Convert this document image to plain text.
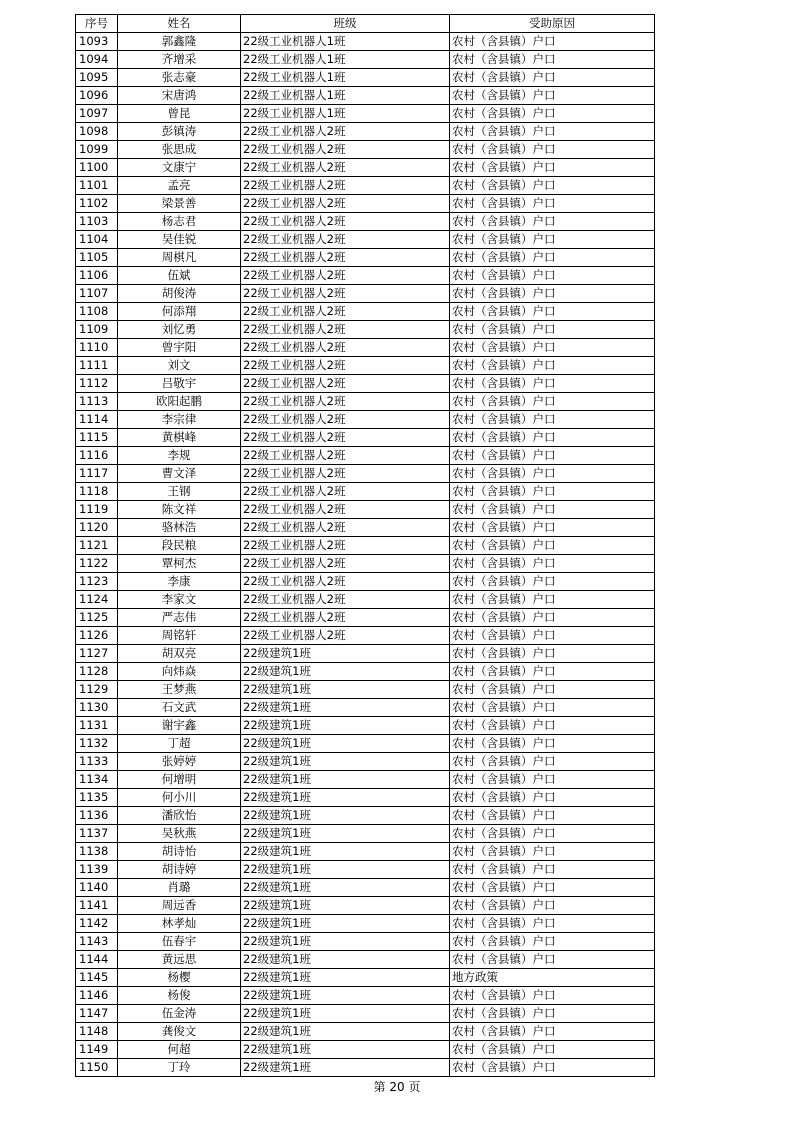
序号	姓名	班级	受助原因
1093	郭鑫隆	22级工业机器人1班	农村（含县镇）户口
1094	齐增采	22级工业机器人1班	农村（含县镇）户口
1095	张志豪	22级工业机器人1班	农村（含县镇）户口
1096	宋唐鸿	22级工业机器人1班	农村（含县镇）户口
1097	曾昆	22级工业机器人1班	农村（含县镇）户口
1098	彭镇涛	22级工业机器人2班	农村（含县镇）户口
1099	张思成	22级工业机器人2班	农村（含县镇）户口
1100	文康宁	22级工业机器人2班	农村（含县镇）户口
1101	孟亮	22级工业机器人2班	农村（含县镇）户口
1102	梁景善	22级工业机器人2班	农村（含县镇）户口
1103	杨志君	22级工业机器人2班	农村（含县镇）户口
1104	吴佳锐	22级工业机器人2班	农村（含县镇）户口
1105	周棋凡	22级工业机器人2班	农村（含县镇）户口
1106	伍斌	22级工业机器人2班	农村（含县镇）户口
1107	胡俊涛	22级工业机器人2班	农村（含县镇）户口
1108	何添翔	22级工业机器人2班	农村（含县镇）户口
1109	刘忆勇	22级工业机器人2班	农村（含县镇）户口
1110	曾宇阳	22级工业机器人2班	农村（含县镇）户口
1111	刘文	22级工业机器人2班	农村（含县镇）户口
1112	吕敬宇	22级工业机器人2班	农村（含县镇）户口
1113	欧阳起鹏	22级工业机器人2班	农村（含县镇）户口
1114	李宗律	22级工业机器人2班	农村（含县镇）户口
1115	黄棋峰	22级工业机器人2班	农村（含县镇）户口
1116	李规	22级工业机器人2班	农村（含县镇）户口
1117	曹文泽	22级工业机器人2班	农村（含县镇）户口
1118	王钢	22级工业机器人2班	农村（含县镇）户口
1119	陈文祥	22级工业机器人2班	农村（含县镇）户口
1120	骆林浩	22级工业机器人2班	农村（含县镇）户口
1121	段民粮	22级工业机器人2班	农村（含县镇）户口
1122	覃柯杰	22级工业机器人2班	农村（含县镇）户口
1123	李康	22级工业机器人2班	农村（含县镇）户口
1124	李家文	22级工业机器人2班	农村（含县镇）户口
1125	严志伟	22级工业机器人2班	农村（含县镇）户口
1126	周铭轩	22级工业机器人2班	农村（含县镇）户口
1127	胡双亮	22级建筑1班	农村（含县镇）户口
1128	向炜焱	22级建筑1班	农村（含县镇）户口
1129	王梦燕	22级建筑1班	农村（含县镇）户口
1130	石文武	22级建筑1班	农村（含县镇）户口
1131	谢宇鑫	22级建筑1班	农村（含县镇）户口
1132	丁超	22级建筑1班	农村（含县镇）户口
1133	张婷婷	22级建筑1班	农村（含县镇）户口
1134	何增明	22级建筑1班	农村（含县镇）户口
1135	何小川	22级建筑1班	农村（含县镇）户口
1136	潘欣怡	22级建筑1班	农村（含县镇）户口
1137	吴秋燕	22级建筑1班	农村（含县镇）户口
1138	胡诗怡	22级建筑1班	农村（含县镇）户口
1139	胡诗婷	22级建筑1班	农村（含县镇）户口
1140	肖璐	22级建筑1班	农村（含县镇）户口
1141	周远香	22级建筑1班	农村（含县镇）户口
1142	林孝灿	22级建筑1班	农村（含县镇）户口
1143	伍春宇	22级建筑1班	农村（含县镇）户口
1144	黄远思	22级建筑1班	农村（含县镇）户口
1145	杨樱	22级建筑1班	地方政策
1146	杨俊	22级建筑1班	农村（含县镇）户口
1147	伍金涛	22级建筑1班	农村（含县镇）户口
1148	龚俊文	22级建筑1班	农村（含县镇）户口
1149	何超	22级建筑1班	农村（含县镇）户口
1150	丁玲	22级建筑1班	农村（含县镇）户口
第 20 页
